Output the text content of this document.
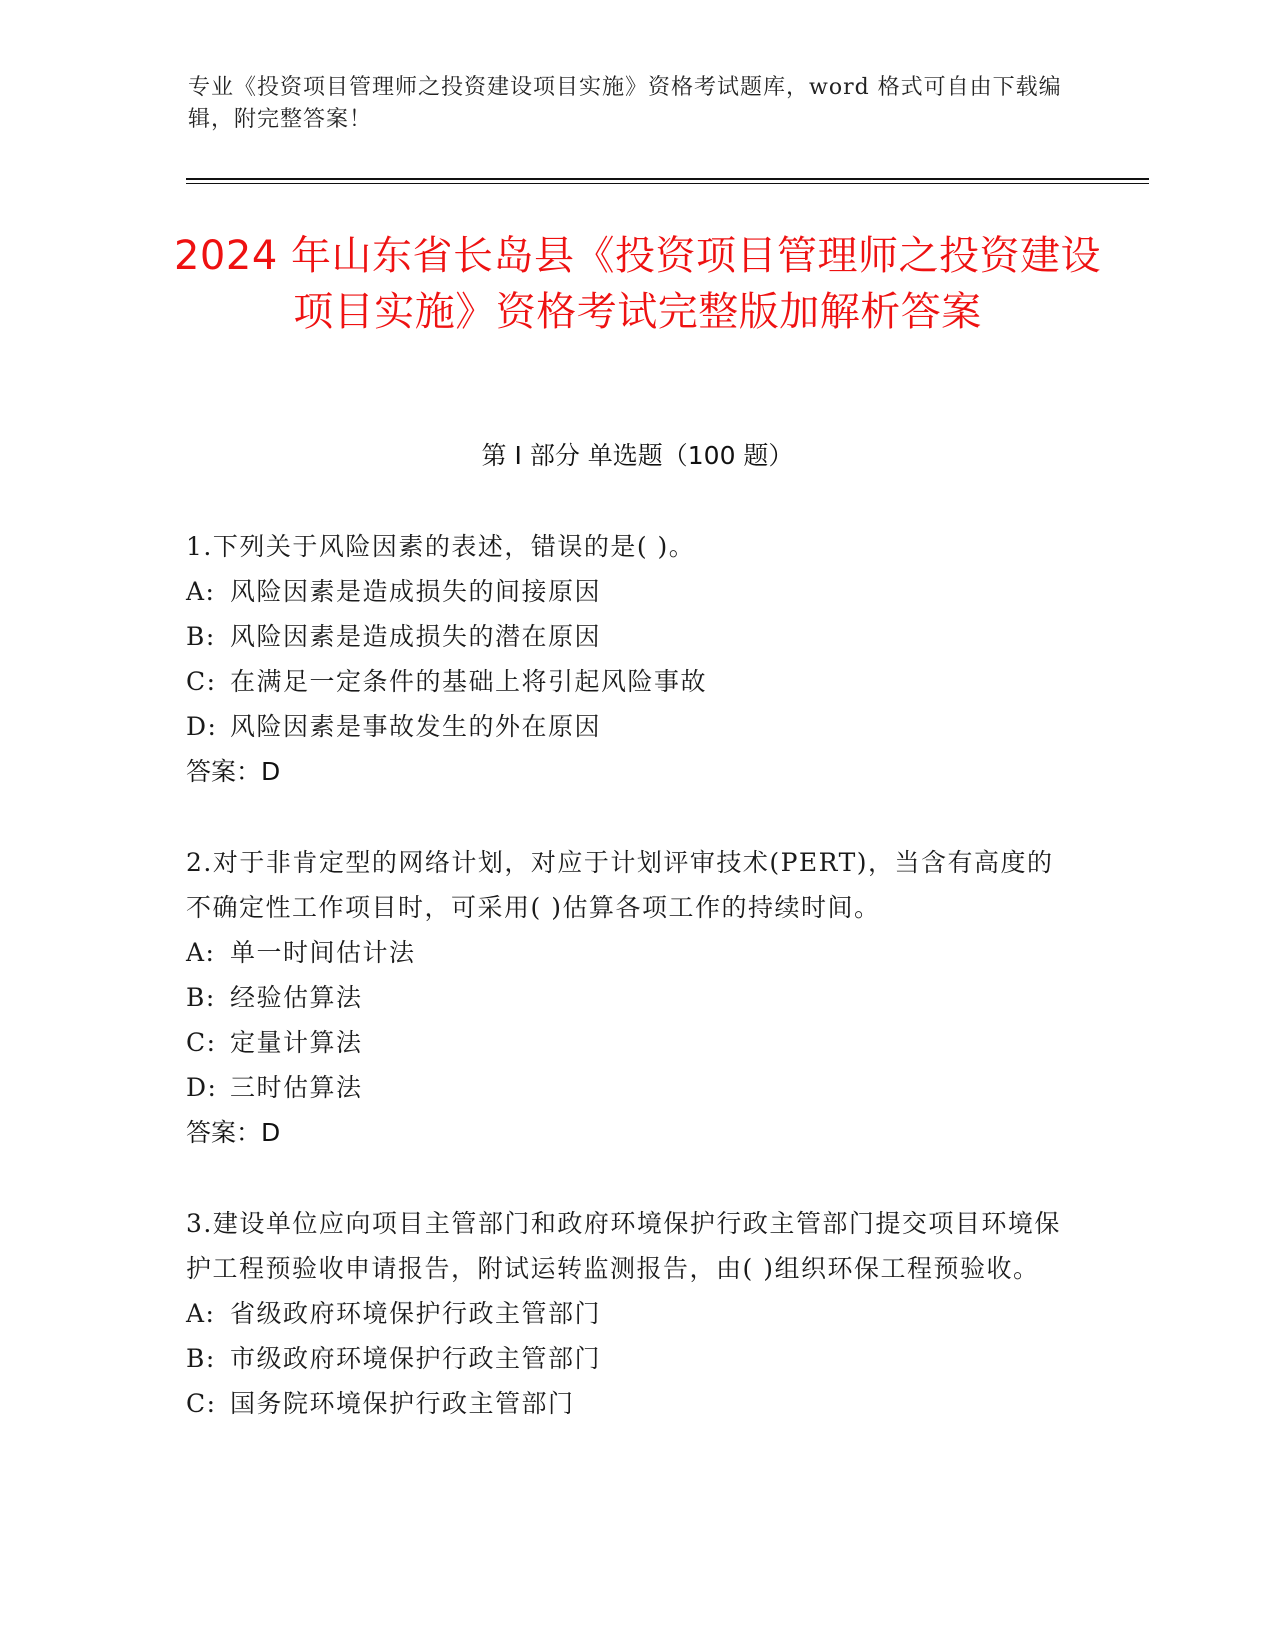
专业《投资项目管理师之投资建设项目实施》资格考试题库，word 格式可自由下载编辑，附完整答案！
2024 年山东省长岛县《投资项目管理师之投资建设项目实施》资格考试完整版加解析答案
第 I 部分 单选题（100 题）
1.下列关于风险因素的表述，错误的是( )。
A: 风险因素是造成损失的间接原因
B: 风险因素是造成损失的潜在原因
C: 在满足一定条件的基础上将引起风险事故
D: 风险因素是事故发生的外在原因
答案：D
2.对于非肯定型的网络计划，对应于计划评审技术(PERT)，当含有高度的不确定性工作项目时，可采用( )估算各项工作的持续时间。
A: 单一时间估计法
B: 经验估算法
C: 定量计算法
D: 三时估算法
答案：D
3.建设单位应向项目主管部门和政府环境保护行政主管部门提交项目环境保护工程预验收申请报告，附试运转监测报告，由( )组织环保工程预验收。
A: 省级政府环境保护行政主管部门
B: 市级政府环境保护行政主管部门
C: 国务院环境保护行政主管部门
